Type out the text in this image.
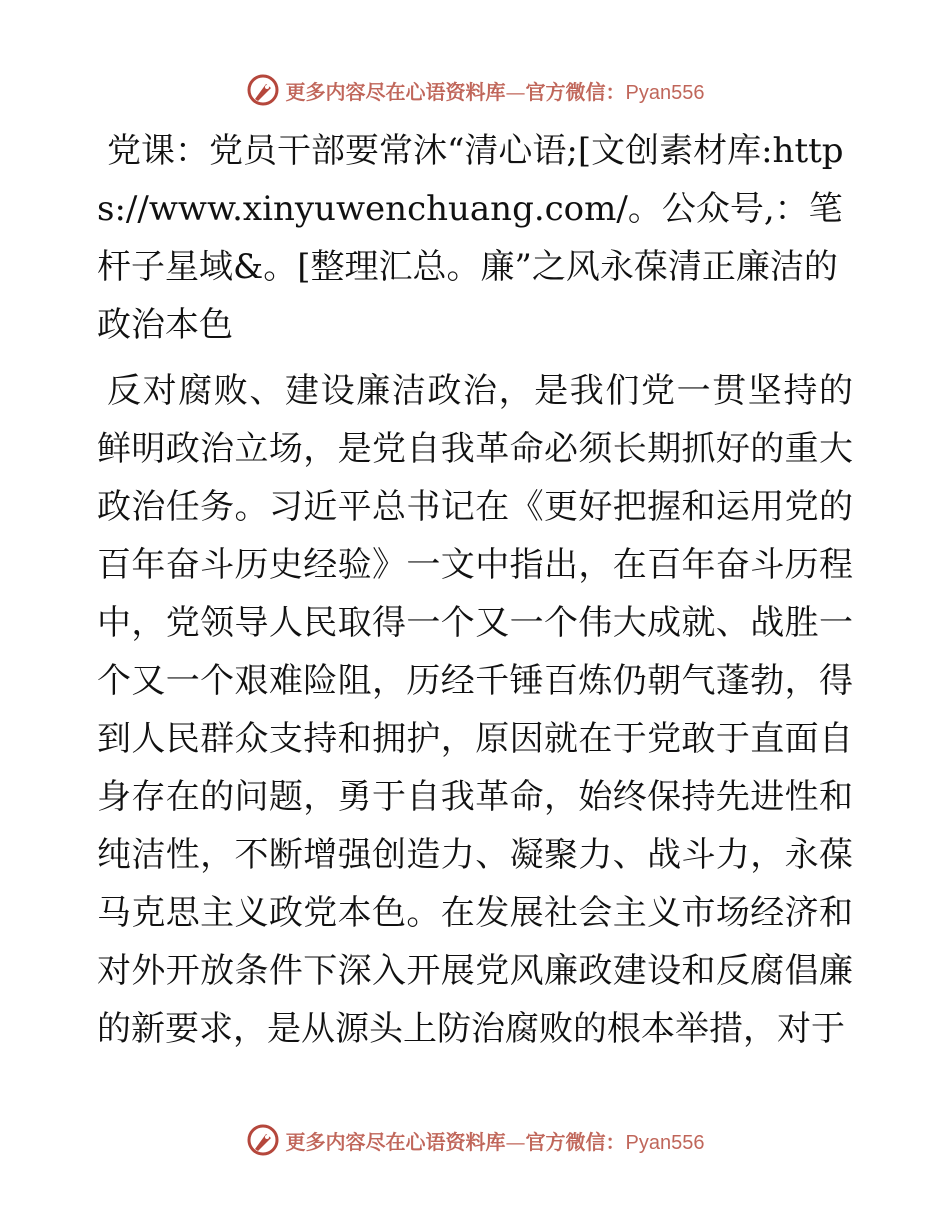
更多内容尽在心语资料库—官方微信：Pyan556

党课：党员干部要常沐“清心语;[文创素材库:https://www.xinyuwenchuang.com/。公众号,：笔杆子星域&。[整理汇总。廉”之风永葆清正廉洁的政治本色

反对腐败、建设廉洁政治，是我们党一贯坚持的鲜明政治立场，是党自我革命必须长期抓好的重大政治任务。习近平总书记在《更好把握和运用党的百年奋斗历史经验》一文中指出，在百年奋斗历程中，党领导人民取得一个又一个伟大成就、战胜一个又一个艰难险阻，历经千锤百炼仍朝气蓬勃，得到人民群众支持和拥护，原因就在于党敢于直面自身存在的问题，勇于自我革命，始终保持先进性和纯洁性，不断增强创造力、凝聚力、战斗力，永葆马克思主义政党本色。在发展社会主义市场经济和对外开放条件下深入开展党风廉政建设和反腐倡廉的新要求，是从源头上防治腐败的根本举措，对于

更多内容尽在心语资料库—官方微信：Pyan556
